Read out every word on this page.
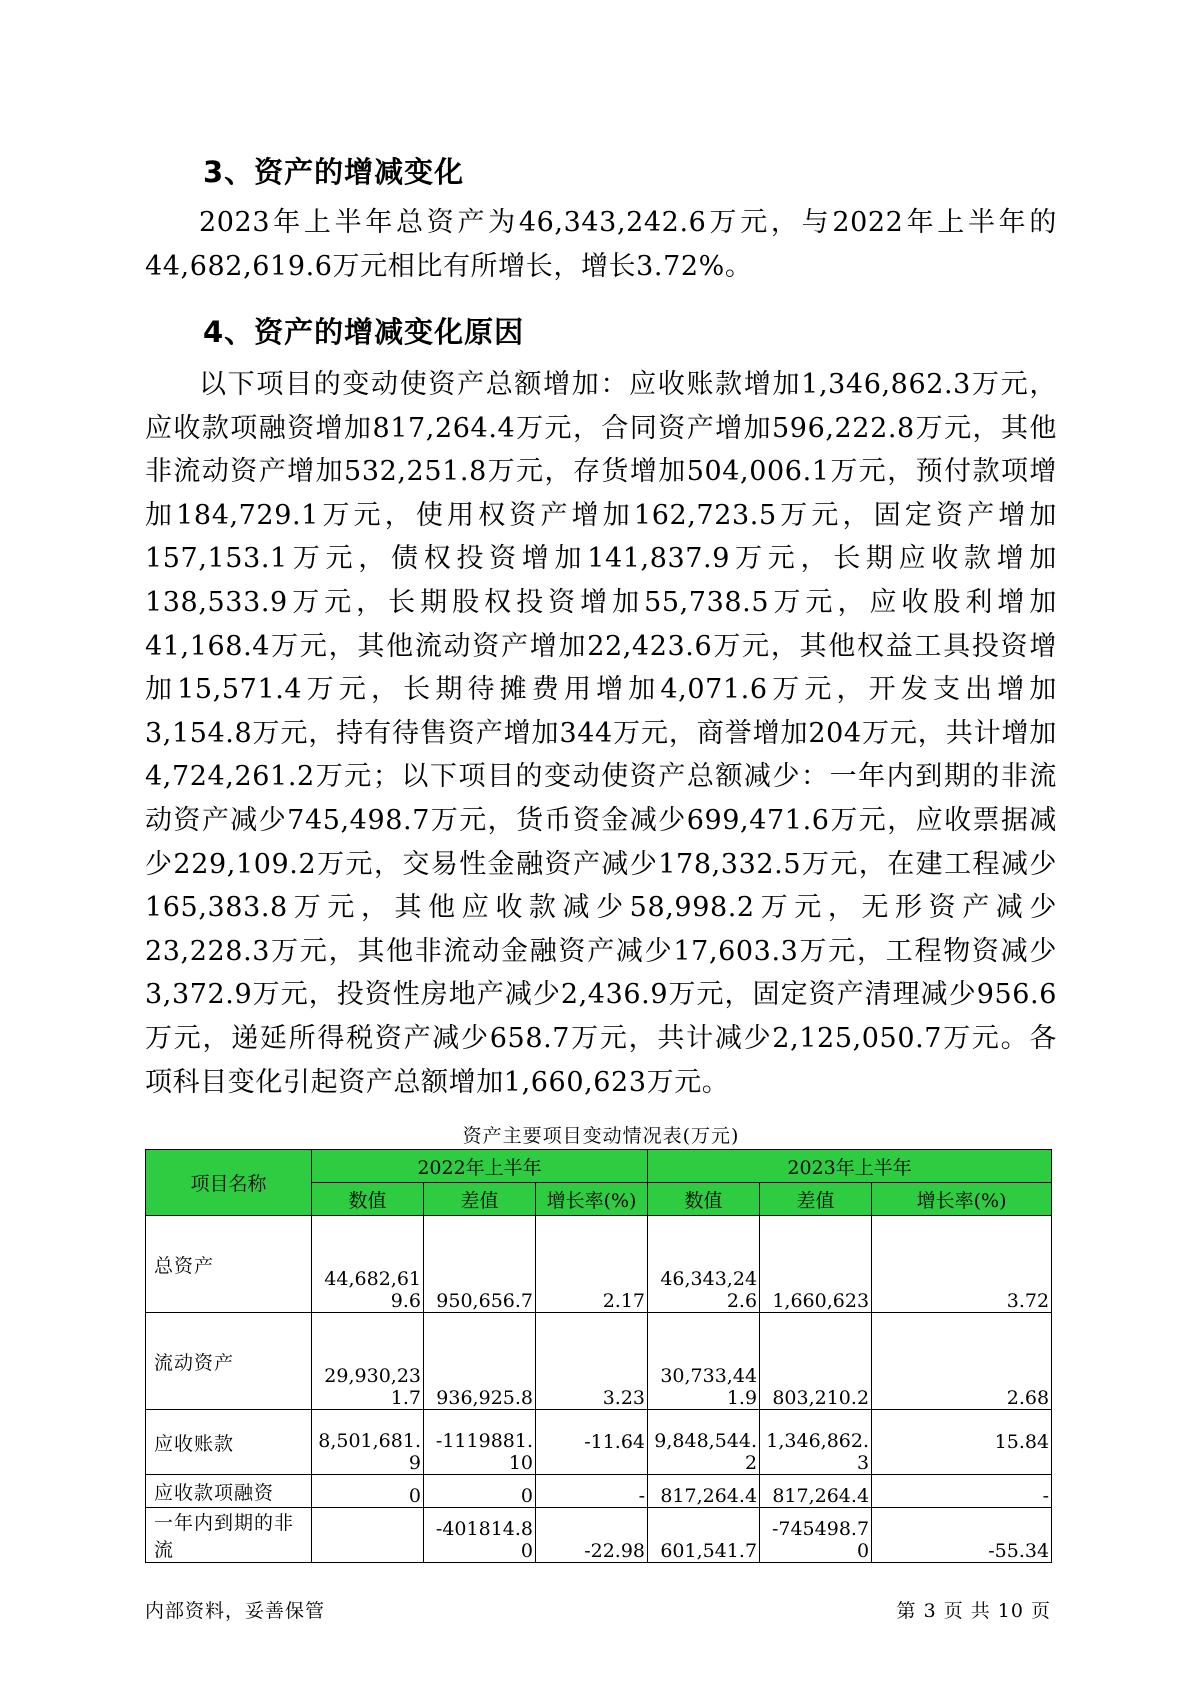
3、资产的增减变化

2023年上半年总资产为46,343,242.6万元，与2022年上半年的44,682,619.6万元相比有所增长，增长3.72%。

4、资产的增减变化原因

以下项目的变动使资产总额增加：应收账款增加1,346,862.3万元，应收款项融资增加817,264.4万元，合同资产增加596,222.8万元，其他非流动资产增加532,251.8万元，存货增加504,006.1万元，预付款项增加184,729.1万元，使用权资产增加162,723.5万元，固定资产增加157,153.1万元，债权投资增加141,837.9万元，长期应收款增加138,533.9万元，长期股权投资增加55,738.5万元，应收股利增加41,168.4万元，其他流动资产增加22,423.6万元，其他权益工具投资增加15,571.4万元，长期待摊费用增加4,071.6万元，开发支出增加3,154.8万元，持有待售资产增加344万元，商誉增加204万元，共计增加4,724,261.2万元；以下项目的变动使资产总额减少：一年内到期的非流动资产减少745,498.7万元，货币资金减少699,471.6万元，应收票据减少229,109.2万元，交易性金融资产减少178,332.5万元，在建工程减少165,383.8万元，其他应收款减少58,998.2万元，无形资产减少23,228.3万元，其他非流动金融资产减少17,603.3万元，工程物资减少3,372.9万元，投资性房地产减少2,436.9万元，固定资产清理减少956.6万元，递延所得税资产减少658.7万元，共计减少2,125,050.7万元。各项科目变化引起资产总额增加1,660,623万元。

资产主要项目变动情况表(万元)
项目名称	2022年上半年			2023年上半年		
	数值	差值	增长率(%)	数值	差值	增长率(%)
总资产	44,682,619.6	950,656.7	2.17	46,343,242.6	1,660,623	3.72
流动资产	29,930,231.7	936,925.8	3.23	30,733,441.9	803,210.2	2.68
应收账款	8,501,681.9	-1119881.10	-11.64	9,848,544.2	1,346,862.3	15.84
应收款项融资	0	0	-	817,264.4	817,264.4	-
一年内到期的非流		-401814.80	-22.98	601,541.7	-745498.70	-55.34
内部资料，妥善保管	第 3 页 共 10 页
